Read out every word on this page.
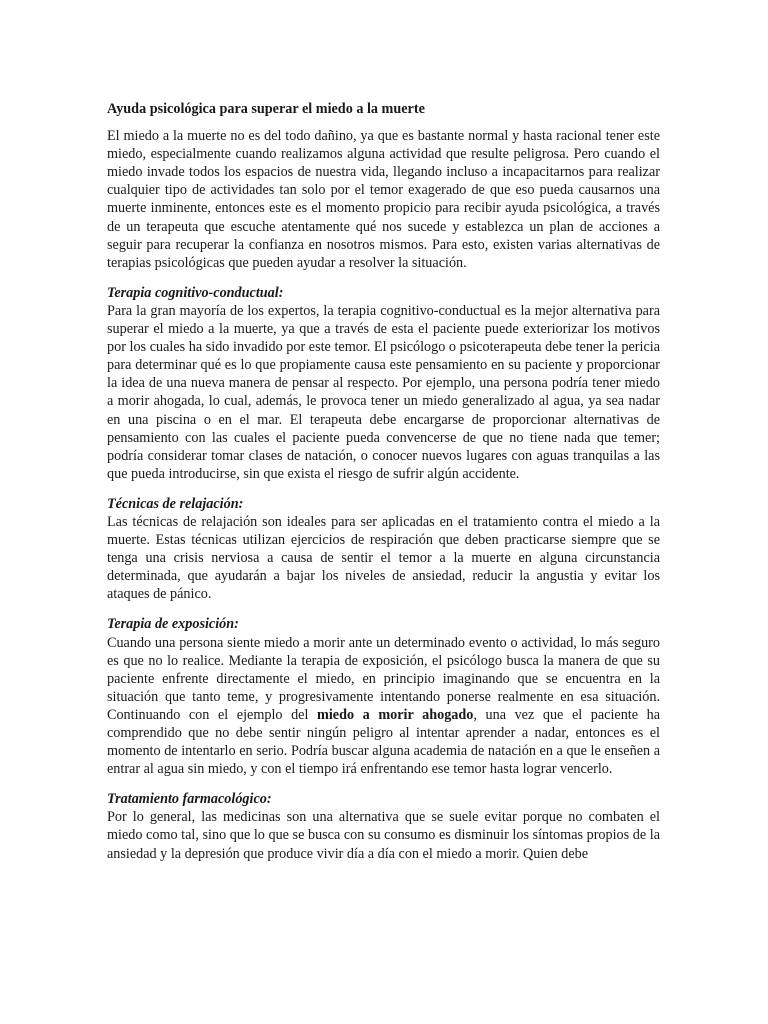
Ayuda psicológica para superar el miedo a la muerte

El miedo a la muerte no es del todo dañino, ya que es bastante normal y hasta racional tener este miedo, especialmente cuando realizamos alguna actividad que resulte peligrosa. Pero cuando el miedo invade todos los espacios de nuestra vida, llegando incluso a incapacitarnos para realizar cualquier tipo de actividades tan solo por el temor exagerado de que eso pueda causarnos una muerte inminente, entonces este es el momento propicio para recibir ayuda psicológica, a través de un terapeuta que escuche atentamente qué nos sucede y establezca un plan de acciones a seguir para recuperar la confianza en nosotros mismos. Para esto, existen varias alternativas de terapias psicológicas que pueden ayudar a resolver la situación.

Terapia cognitivo-conductual:
Para la gran mayoría de los expertos, la terapia cognitivo-conductual es la mejor alternativa para superar el miedo a la muerte, ya que a través de esta el paciente puede exteriorizar los motivos por los cuales ha sido invadido por este temor. El psicólogo o psicoterapeuta debe tener la pericia para determinar qué es lo que propiamente causa este pensamiento en su paciente y proporcionar la idea de una nueva manera de pensar al respecto. Por ejemplo, una persona podría tener miedo a morir ahogada, lo cual, además, le provoca tener un miedo generalizado al agua, ya sea nadar en una piscina o en el mar. El terapeuta debe encargarse de proporcionar alternativas de pensamiento con las cuales el paciente pueda convencerse de que no tiene nada que temer; podría considerar tomar clases de natación, o conocer nuevos lugares con aguas tranquilas a las que pueda introducirse, sin que exista el riesgo de sufrir algún accidente.

Técnicas de relajación:
Las técnicas de relajación son ideales para ser aplicadas en el tratamiento contra el miedo a la muerte. Estas técnicas utilizan ejercicios de respiración que deben practicarse siempre que se tenga una crisis nerviosa a causa de sentir el temor a la muerte en alguna circunstancia determinada, que ayudarán a bajar los niveles de ansiedad, reducir la angustia y evitar los ataques de pánico.

Terapia de exposición:
Cuando una persona siente miedo a morir ante un determinado evento o actividad, lo más seguro es que no lo realice. Mediante la terapia de exposición, el psicólogo busca la manera de que su paciente enfrente directamente el miedo, en principio imaginando que se encuentra en la situación que tanto teme, y progresivamente intentando ponerse realmente en esa situación. Continuando con el ejemplo del miedo a morir ahogado, una vez que el paciente ha comprendido que no debe sentir ningún peligro al intentar aprender a nadar, entonces es el momento de intentarlo en serio. Podría buscar alguna academia de natación en a que le enseñen a entrar al agua sin miedo, y con el tiempo irá enfrentando ese temor hasta lograr vencerlo.

Tratamiento farmacológico:
Por lo general, las medicinas son una alternativa que se suele evitar porque no combaten el miedo como tal, sino que lo que se busca con su consumo es disminuir los síntomas propios de la ansiedad y la depresión que produce vivir día a día con el miedo a morir. Quien debe
